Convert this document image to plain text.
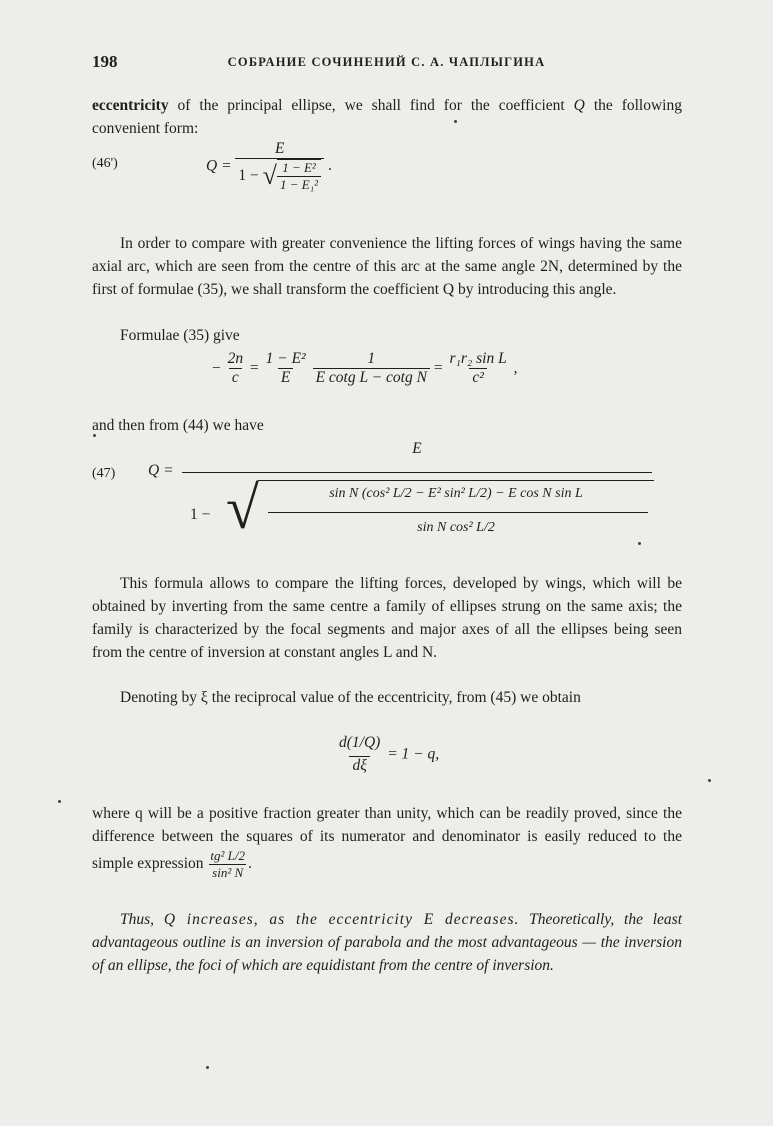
198	СОБРАНИЕ СОЧИНЕНИЙ С. А. ЧАПЛЫГИНА

eccentricity of the principal ellipse, we shall find for the coefficient Q the following convenient form:

(46')	$Q = \frac{E}{1 - √ \frac{\text{1 − E²}}{\text{1 − E₁²}}}$ .

In order to compare with greater convenience the lifting forces of wings having the same axial arc, which are seen from the centre of this arc at the same angle 2N, determined by the first of formulae (35), we shall transform the coefficient Q by introducing this angle.

Formulae (35) give

− $\frac{2n}{c} = \frac{\text{1 − E²}}{E}$
$\frac{1}{\text{E cotg L − cotg N}} = \frac{\text{r₁r₂ sin L}}{\text{c²}}$ ,

and then from (44) we have

(47) Q =
E
1 − √	sin N (cos² L/2 − E² sin² L/2) − E cos N sin L
sin N cos² L/2

This formula allows to compare the lifting forces, developed by wings, which will be obtained by inverting from the same centre a family of ellipses strung on the same axis; the family is characterized by the focal segments and major axes of all the ellipses being seen from the centre of inversion at constant angles L and N.

Denoting by ξ the reciprocal value of the eccentricity, from (45) we obtain

$\frac{d(1/Q)}{d\xi} = 1 - q$,

where q will be a positive fraction greater than unity, which can be readily proved, since the difference between the squares of its numerator and denominator is easily reduced to the simple expression $\frac{\text{tg² L/2}}{\text{sin² N}}$ .

Thus, Q increases, as the eccentricity E decreases. Theoretically, the least advantageous outline is an inversion of parabola and the most advantageous — the inversion of an ellipse, the foci of which are equidistant from the centre of inversion.
